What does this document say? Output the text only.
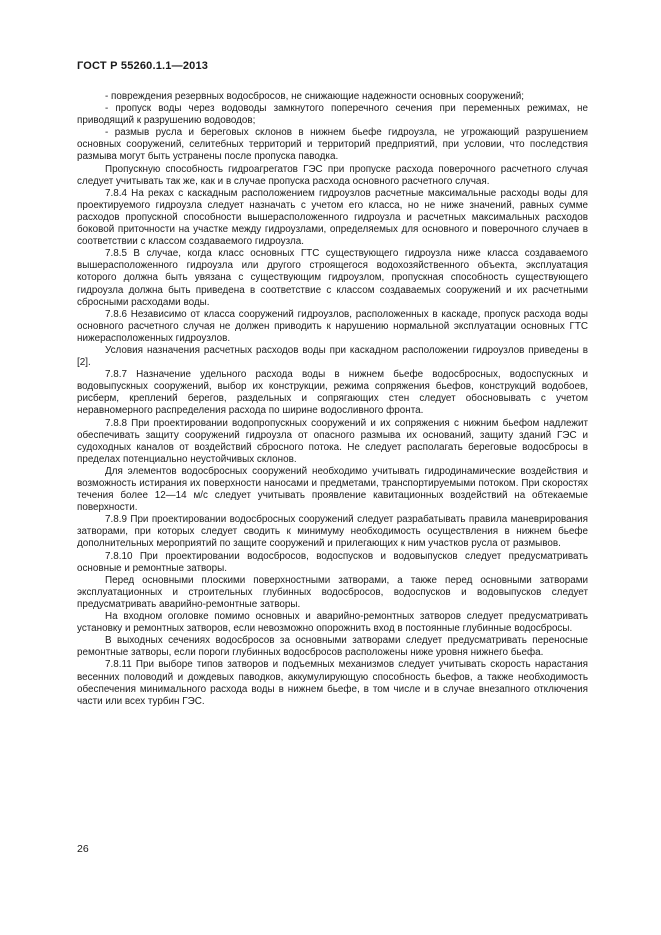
ГОСТ Р 55260.1.1—2013

- повреждения резервных водосбросов, не снижающие надежности основных сооружений;

- пропуск воды через водоводы замкнутого поперечного сечения при переменных режимах, не приводящий к разрушению водоводов;

- размыв русла и береговых склонов в нижнем бьефе гидроузла, не угрожающий разрушением основных сооружений, селитебных территорий и территорий предприятий, при условии, что последствия размыва могут быть устранены после пропуска паводка.

Пропускную способность гидроагрегатов ГЭС при пропуске расхода поверочного расчетного случая следует учитывать так же, как и в случае пропуска расхода основного расчетного случая.

7.8.4 На реках с каскадным расположением гидроузлов расчетные максимальные расходы воды для проектируемого гидроузла следует назначать с учетом его класса, но не ниже значений, равных сумме расходов пропускной способности вышерасположенного гидроузла и расчетных максимальных расходов боковой приточности на участке между гидроузлами, определяемых для основного и поверочного случаев в соответствии с классом создаваемого гидроузла.

7.8.5 В случае, когда класс основных ГТС существующего гидроузла ниже класса создаваемого вышерасположенного гидроузла или другого строящегося водохозяйственного объекта, эксплуатация которого должна быть увязана с существующим гидроузлом, пропускная способность существующего гидроузла должна быть приведена в соответствие с классом создаваемых сооружений и их расчетными сбросными расходами воды.

7.8.6 Независимо от класса сооружений гидроузлов, расположенных в каскаде, пропуск расхода воды основного расчетного случая не должен приводить к нарушению нормальной эксплуатации основных ГТС нижерасположенных гидроузлов.

Условия назначения расчетных расходов воды при каскадном расположении гидроузлов приведены в [2].

7.8.7 Назначение удельного расхода воды в нижнем бьефе водосбросных, водоспускных и водовыпускных сооружений, выбор их конструкции, режима сопряжения бьефов, конструкций водобоев, рисберм, креплений берегов, раздельных и сопрягающих стен следует обосновывать с учетом неравномерного распределения расхода по ширине водосливного фронта.

7.8.8 При проектировании водопропускных сооружений и их сопряжения с нижним бьефом надлежит обеспечивать защиту сооружений гидроузла от опасного размыва их оснований, защиту зданий ГЭС и судоходных каналов от воздействий сбросного потока. Не следует располагать береговые водосбросы в пределах потенциально неустойчивых склонов.

Для элементов водосбросных сооружений необходимо учитывать гидродинамические воздействия и возможность истирания их поверхности наносами и предметами, транспортируемыми потоком. При скоростях течения более 12—14 м/с следует учитывать проявление кавитационных воздействий на обтекаемые поверхности.

7.8.9 При проектировании водосбросных сооружений следует разрабатывать правила маневрирования затворами, при которых следует сводить к минимуму необходимость осуществления в нижнем бьефе дополнительных мероприятий по защите сооружений и прилегающих к ним участков русла от размывов.

7.8.10 При проектировании водосбросов, водоспусков и водовыпусков следует предусматривать основные и ремонтные затворы.

Перед основными плоскими поверхностными затворами, а также перед основными затворами эксплуатационных и строительных глубинных водосбросов, водоспусков и водовыпусков следует предусматривать аварийно-ремонтные затворы.

На входном оголовке помимо основных и аварийно-ремонтных затворов следует предусматривать установку и ремонтных затворов, если невозможно опорожнить вход в постоянные глубинные водосбросы.

В выходных сечениях водосбросов за основными затворами следует предусматривать переносные ремонтные затворы, если пороги глубинных водосбросов расположены ниже уровня нижнего бьефа.

7.8.11 При выборе типов затворов и подъемных механизмов следует учитывать скорость нарастания весенних половодий и дождевых паводков, аккумулирующую способность бьефов, а также необходимость обеспечения минимального расхода воды в нижнем бьефе, в том числе и в случае внезапного отключения части или всех турбин ГЭС.

26
